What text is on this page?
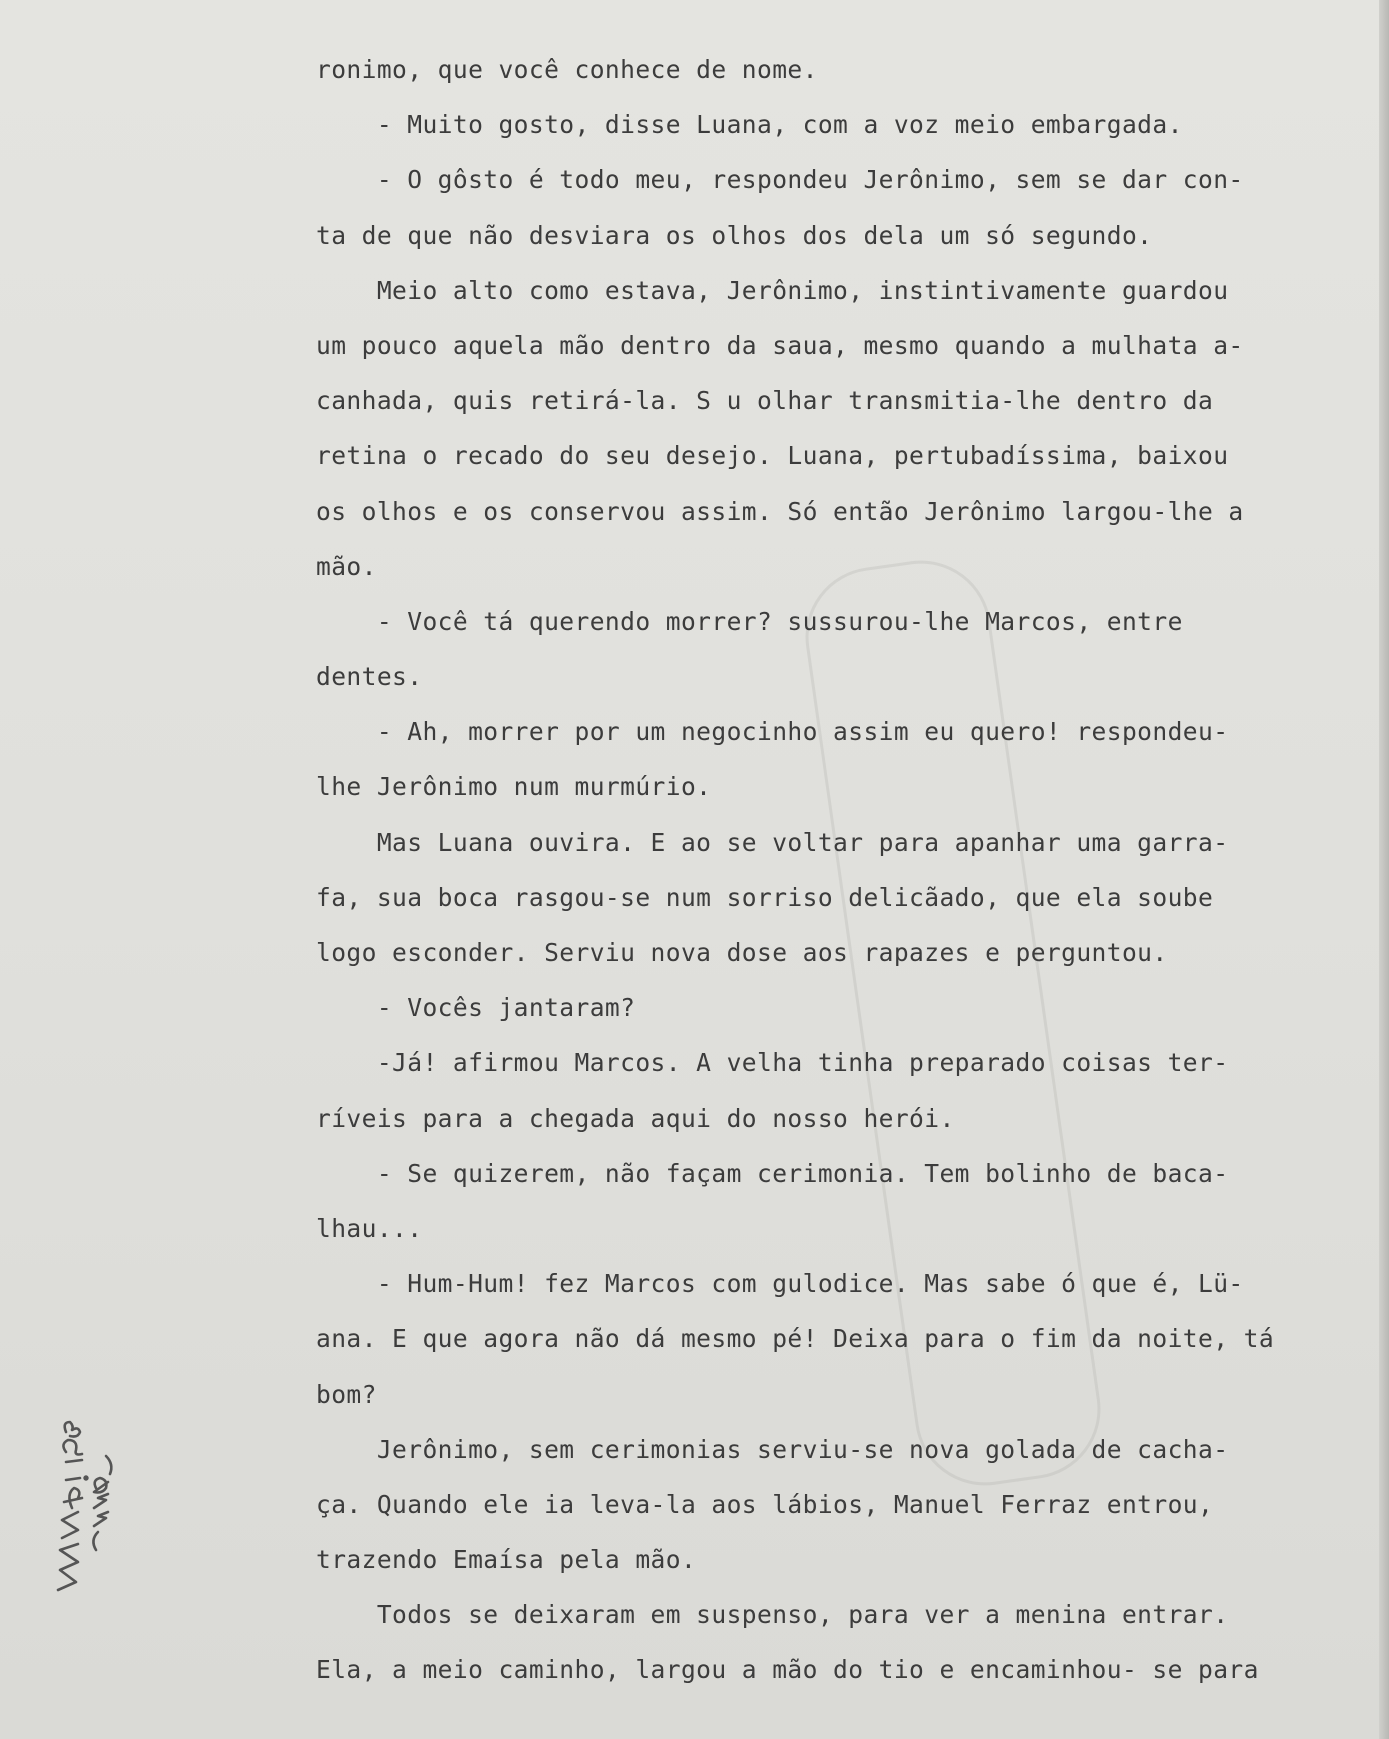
ronimo, que você conhece de nome.
- Muito gosto, disse Luana, com a voz meio embargada.
- O gôsto é todo meu, respondeu Jerônimo, sem se dar con-
ta de que não desviara os olhos dos dela um só segundo.
Meio alto como estava, Jerônimo, instintivamente guardou
um pouco aquela mão dentro da saua, mesmo quando a mulhata a-
canhada, quis retirá-la. S u olhar transmitia-lhe dentro da
retina o recado do seu desejo. Luana, pertubadíssima, baixou
os olhos e os conservou assim. Só então Jerônimo largou-lhe a
mão.
- Você tá querendo morrer? sussurou-lhe Marcos, entre
dentes.
- Ah, morrer por um negocinho assim eu quero! respondeu-
lhe Jerônimo num murmúrio.
Mas Luana ouvira. E ao se voltar para apanhar uma garra-
fa, sua boca rasgou-se num sorriso delicãado, que ela soube
logo esconder. Serviu nova dose aos rapazes e perguntou.
- Vocês jantaram?
-Já! afirmou Marcos. A velha tinha preparado coisas ter-
ríveis para a chegada aqui do nosso herói.
- Se quizerem, não façam cerimonia. Tem bolinho de baca-
lhau...
- Hum-Hum! fez Marcos com gulodice. Mas sabe ó que é, Lü-
ana. E que agora não dá mesmo pé! Deixa para o fim da noite, tá
bom?
Jerônimo, sem cerimonias serviu-se nova golada de cacha-
ça. Quando ele ia leva-la aos lábios, Manuel Ferraz entrou,
trazendo Emaísa pela mão.
Todos se deixaram em suspenso, para ver a menina entrar.
Ela, a meio caminho, largou a mão do tio e encaminhou- se para
